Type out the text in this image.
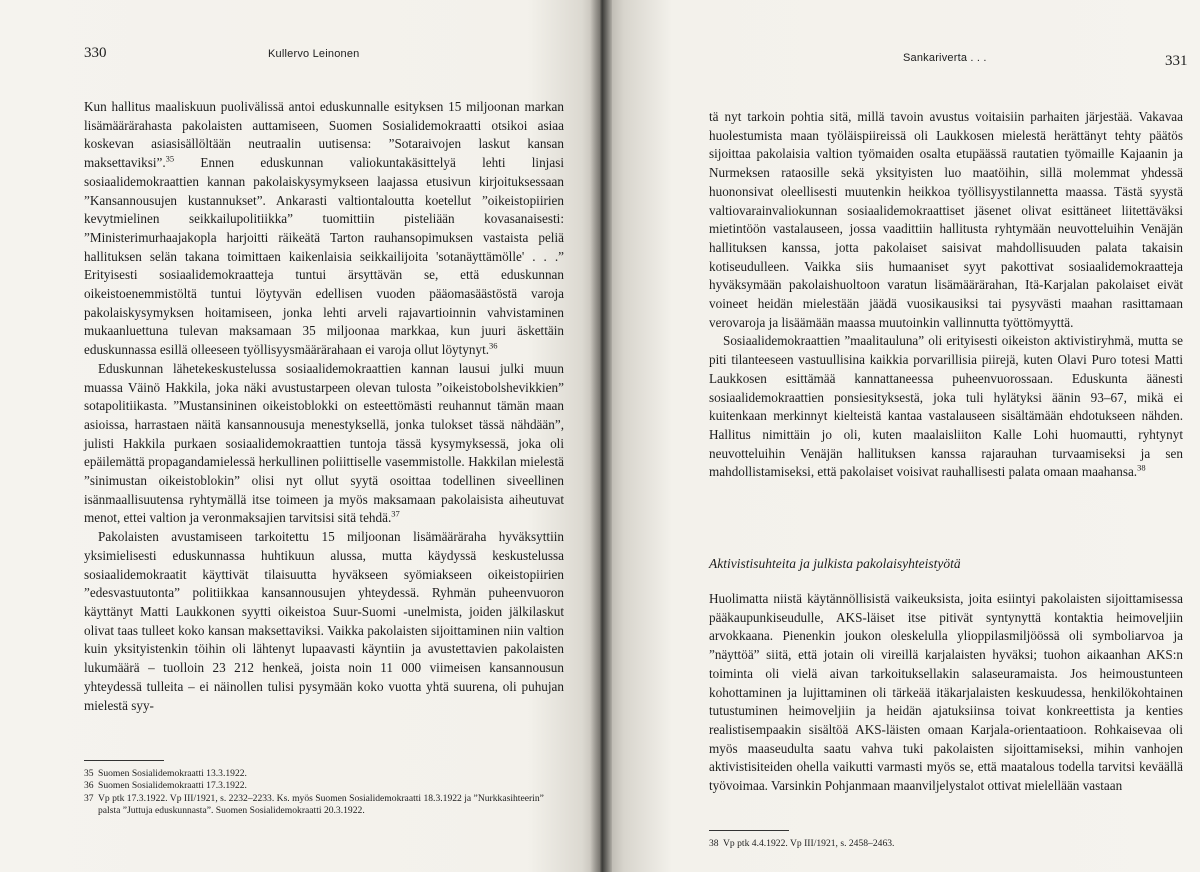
330	Kullervo Leinonen

Kun hallitus maaliskuun puolivälissä antoi eduskunnalle esityksen 15 miljoonan markan lisämäärärahasta pakolaisten auttamiseen, Suomen Sosialidemokraatti otsikoi asiaa koskevan asiasisällöltään neutraalin uutisensa: ”Sotaraivojen laskut kansan maksettaviksi”.$^{35}$ Ennen eduskunnan valiokuntakäsittelyä lehti linjasi sosiaalidemokraattien kannan pakolaiskysymykseen laajassa etusivun kirjoituksessaan ”Kansannousujen kustannukset”. Ankarasti valtiontaloutta koetellut ”oikeistopiirien kevytmielinen seikkailupolitiikka” tuomittiin pisteliään kovasanaisesti: ”Ministerimurhaajakopla harjoitti räikeätä Tarton rauhansopimuksen vastaista peliä hallituksen selän takana toimittaen kaikenlaisia seikkailijoita 'sotanäyttämölle' . . .” Erityisesti sosiaalidemokraatteja tuntui ärsyttävän se, että eduskunnan oikeistoenemmistöltä tuntui löytyvän edellisen vuoden pääomasäästöstä varoja pakolaiskysymyksen hoitamiseen, jonka lehti arveli rajavartioinnin vahvistaminen mukaanluettuna tulevan maksamaan 35 miljoonaa markkaa, kun juuri äskettäin eduskunnassa esillä olleeseen työllisyysmäärärahaan ei varoja ollut löytynyt.$^{36}$

Eduskunnan lähetekeskustelussa sosiaalidemokraattien kannan lausui julki muun muassa Väinö Hakkila, joka näki avustustarpeen olevan tulosta ”oikeistobolshevikkien” sotapolitiikasta. ”Mustansininen oikeistoblokki on esteettömästi reuhannut tämän maan asioissa, harrastaen näitä kansannousuja menestyksellä, jonka tulokset tässä nähdään”, julisti Hakkila purkaen sosiaalidemokraattien tuntoja tässä kysymyksessä, joka oli epäilemättä propagandamielessä herkullinen poliittiselle vasemmistolle. Hakkilan mielestä ”sinimustan oikeistoblokin” olisi nyt ollut syytä osoittaa todellinen siveellinen isänmaallisuutensa ryhtymällä itse toimeen ja myös maksamaan pakolaisista aiheutuvat menot, ettei valtion ja veronmaksajien tarvitsisi sitä tehdä.$^{37}$

Pakolaisten avustamiseen tarkoitettu 15 miljoonan lisämääräraha hyväksyttiin yksimielisesti eduskunnassa huhtikuun alussa, mutta käydyssä keskustelussa sosiaalidemokraatit käyttivät tilaisuutta hyväkseen syömiakseen oikeistopiirien ”edesvastuutonta” politiikkaa kansannousujen yhteydessä. Ryhmän puheenvuoron käyttänyt Matti Laukkonen syytti oikeistoa Suur-Suomi -unelmista, joiden jälkilaskut olivat taas tulleet koko kansan maksettaviksi. Vaikka pakolaisten sijoittaminen niin valtion kuin yksityistenkin töihin oli lähtenyt lupaavasti käyntiin ja avustettavien pakolaisten lukumäärä – tuolloin 23 212 henkeä, joista noin 11 000 viimeisen kansannousun yhteydessä tulleita – ei näinollen tulisi pysymään koko vuotta yhtä suurena, oli puhujan mielestä syy-

35 Suomen Sosialidemokraatti 13.3.1922.
36 Suomen Sosialidemokraatti 17.3.1922.
37 Vp ptk 17.3.1922. Vp III/1921, s. 2232–2233. Ks. myös Suomen Sosialidemokraatti 18.3.1922 ja ”Nurkkasihteerin” palsta ”Juttuja eduskunnasta”. Suomen Sosialidemokraatti 20.3.1922.
Sankariverta . . .	331

tä nyt tarkoin pohtia sitä, millä tavoin avustus voitaisiin parhaiten järjestää. Vakavaa huolestumista maan työläispiireissä oli Laukkosen mielestä herättänyt tehty päätös sijoittaa pakolaisia valtion työmaiden osalta etupäässä rautatien työmaille Kajaanin ja Nurmeksen rataosille sekä yksityisten luo maatöihin, sillä molemmat yhdessä huononsivat oleellisesti muutenkin heikkoa työllisyystilannetta maassa. Tästä syystä valtiovarainvaliokunnan sosiaalidemokraattiset jäsenet olivat esittäneet liitettäväksi mietintöön vastalauseen, jossa vaadittiin hallitusta ryhtymään neuvotteluihin Venäjän hallituksen kanssa, jotta pakolaiset saisivat mahdollisuuden palata takaisin kotiseudulleen. Vaikka siis humaaniset syyt pakottivat sosiaalidemokraatteja hyväksymään pakolaishuoltoon varatun lisämäärärahan, Itä-Karjalan pakolaiset eivät voineet heidän mielestään jäädä vuosikausiksi tai pysyvästi maahan rasittamaan verovaroja ja lisäämään maassa muutoinkin vallinnutta työttömyyttä.

Sosiaalidemokraattien ”maalitauluna” oli erityisesti oikeiston aktivistiryhmä, mutta se piti tilanteeseen vastuullisina kaikkia porvarillisia piirejä, kuten Olavi Puro totesi Matti Laukkosen esittämää kannattaneessa puheenvuorossaan. Eduskunta äänesti sosiaalidemokraattien ponsiesityksestä, joka tuli hylätyksi äänin 93–67, mikä ei kuitenkaan merkinnyt kielteistä kantaa vastalauseen sisältämään ehdotukseen nähden. Hallitus nimittäin jo oli, kuten maalaisliiton Kalle Lohi huomautti, ryhtynyt neuvotteluihin Venäjän hallituksen kanssa rajarauhan turvaamiseksi ja sen mahdollistamiseksi, että pakolaiset voisivat rauhallisesti palata omaan maahansa.$^{38}$

Aktivistisuhteita ja julkista pakolaisyhteistyötä

Huolimatta niistä käytännöllisistä vaikeuksista, joita esiintyi pakolaisten sijoittamisessa pääkaupunkiseudulle, AKS-läiset itse pitivät syntynyttä kontaktia heimoveljiin arvokkaana. Pienenkin joukon oleskelulla ylioppilasmiljöössä oli symboliarvoa ja ”näyttöä” siitä, että jotain oli vireillä karjalaisten hyväksi; tuohon aikaanhan AKS:n toiminta oli vielä aivan tarkoituksellakin salaseuramaista. Jos heimoustunteen kohottaminen ja lujittaminen oli tärkeää itäkarjalaisten keskuudessa, henkilökohtainen tutustuminen heimoveljiin ja heidän ajatuksiinsa toivat konkreettista ja kenties realistisempaakin sisältöä AKS-läisten omaan Karjala-orientaatioon. Rohkaisevaa oli myös maaseudulta saatu vahva tuki pakolaisten sijoittamiseksi, mihin vanhojen aktivistisiteiden ohella vaikutti varmasti myös se, että maatalous todella tarvitsi keväällä työvoimaa. Varsinkin Pohjanmaan maanviljelystalot ottivat mielellään vastaan

38 Vp ptk 4.4.1922. Vp III/1921, s. 2458–2463.
